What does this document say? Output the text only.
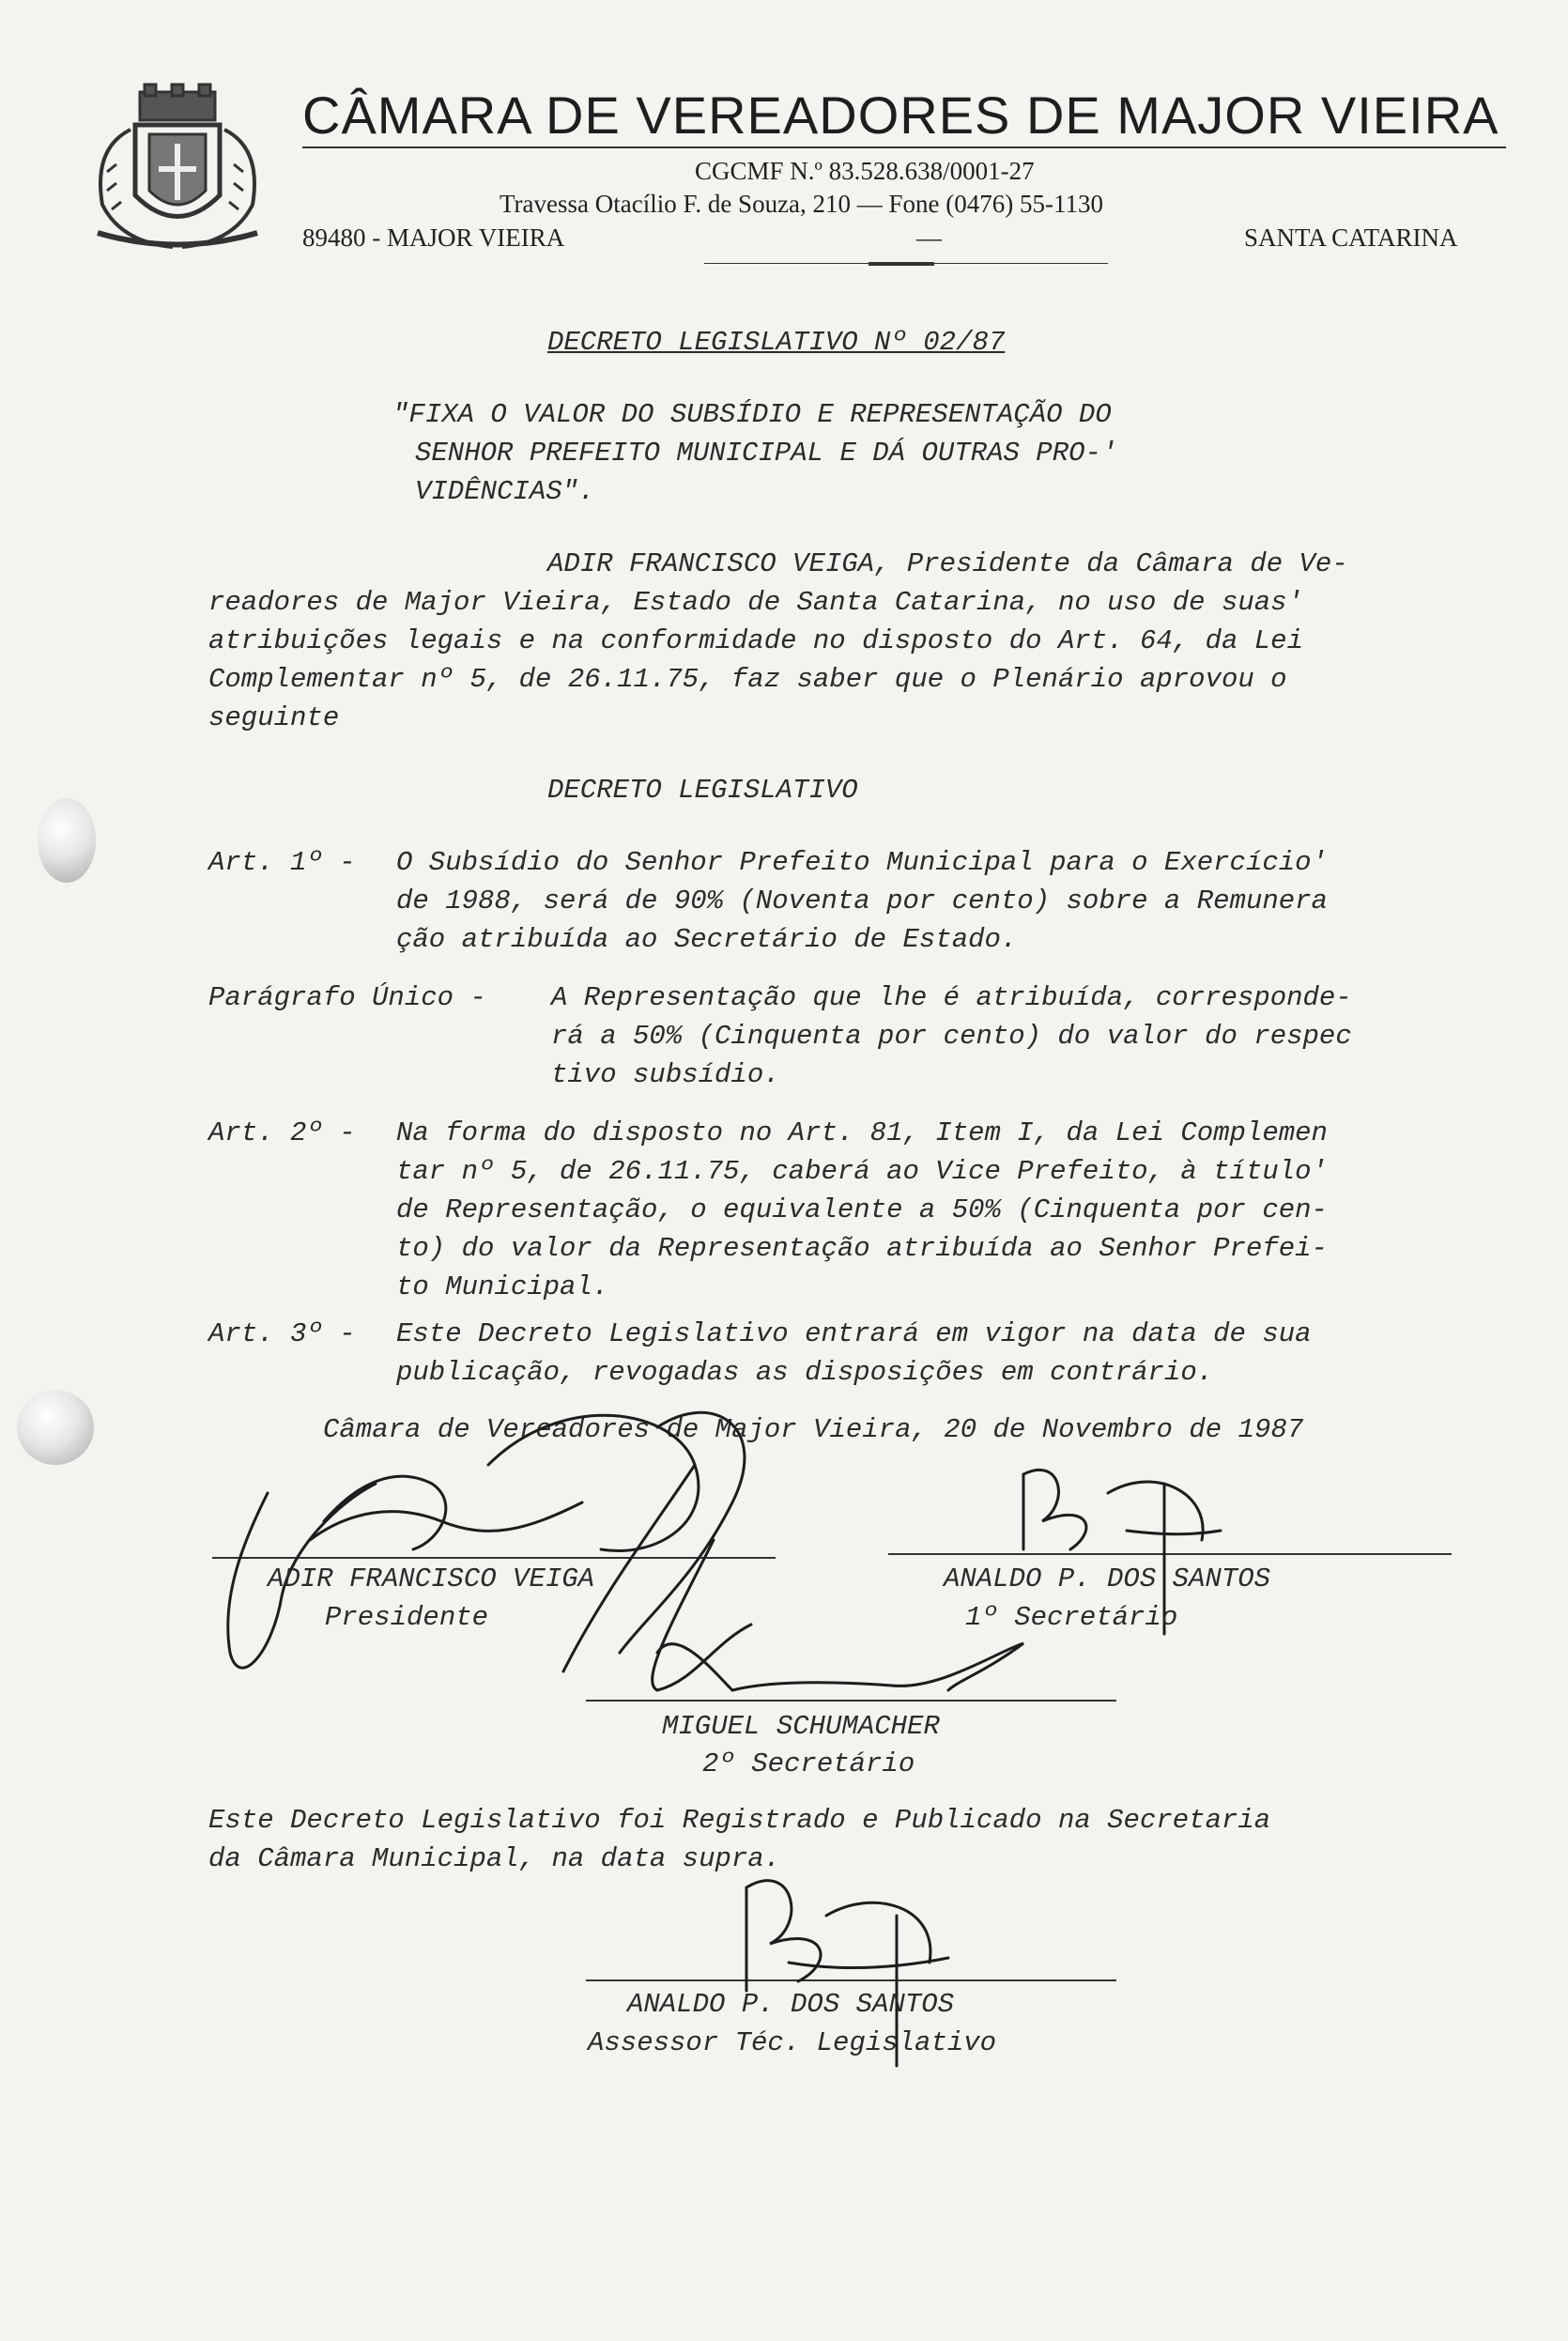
CÂMARA DE VEREADORES DE MAJOR VIEIRA
CGCMF N.º 83.528.638/0001-27
Travessa Otacílio F. de Souza, 210 — Fone (0476) 55-1130
89480 - MAJOR VIEIRA	—	SANTA CATARINA
DECRETO LEGISLATIVO Nº 02/87
"FIXA O VALOR DO SUBSÍDIO E REPRESENTAÇÃO DO
SENHOR PREFEITO MUNICIPAL E DÁ OUTRAS PRO-'
VIDÊNCIAS".
ADIR FRANCISCO VEIGA, Presidente da Câmara de Ve-
readores de Major Vieira, Estado de Santa Catarina, no uso de suas'
atribuições legais e na conformidade no disposto do Art. 64, da Lei
Complementar nº 5, de 26.11.75, faz saber que o Plenário aprovou o
seguinte
DECRETO LEGISLATIVO
Art. 1º - O Subsídio do Senhor Prefeito Municipal para o Exercício'
de 1988, será de 90% (Noventa por cento) sobre a Remunera
ção atribuída ao Secretário de Estado.
Parágrafo Único - A Representação que lhe é atribuída, corresponde-
rá a 50% (Cinquenta por cento) do valor do respec
tivo subsídio.
Art. 2º - Na forma do disposto no Art. 81, Item I, da Lei Complemen
tar nº 5, de 26.11.75, caberá ao Vice Prefeito, à título'
de Representação, o equivalente a 50% (Cinquenta por cen-
to) do valor da Representação atribuída ao Senhor Prefei-
to Municipal.
Art. 3º - Este Decreto Legislativo entrará em vigor na data de sua
publicação, revogadas as disposições em contrário.
Câmara de Vereadores de Major Vieira, 20 de Novembro de 1987
ADIR FRANCISCO VEIGA
Presidente
ANALDO P. DOS SANTOS
1º Secretário
MIGUEL SCHUMACHER
2º Secretário
Este Decreto Legislativo foi Registrado e Publicado na Secretaria
da Câmara Municipal, na data supra.
ANALDO P. DOS SANTOS
Assessor Téc. Legislativo
